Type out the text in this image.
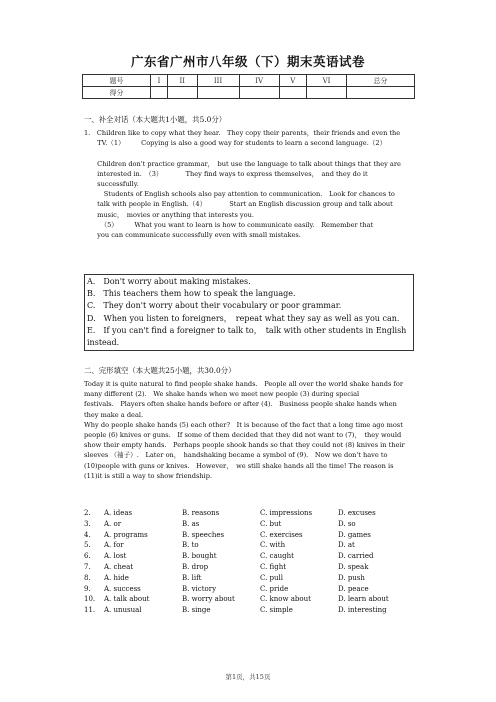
广东省广州市八年级（下）期末英语试卷
题号	I	II	III	IV	V	VI	总分
得分							
一、补全对话（本大题共1小题，共5.0分）

1.　Children like to copy what they hear.　They copy their parents，their friends and even the

　　TV.（1）　　　Copying is also a good way for students to learn a second language.（2）

　　Children don't practice grammar，　but use the language to talk about things that they are

　　interested in.　（3）　　　　They find ways to express themselves，　and they do it

　　successfully.

　　　Students of English schools also pay attention to communication.　Look for chances to

　　talk with people in English.（4）　　　　Start an English discussion group and talk about

　　music，　movies or anything that interests you.

　　　（5）　　　What you want to learn is how to communicate easily.　Remember that

　　you can communicate successfully even with small mistakes.

A.　Don't worry about making mistakes.
B.　This teachers them how to speak the language.
C.　They don't worry about their vocabulary or poor grammar.
D.　When you listen to foreigners，　repeat what they say as well as you can.
E.　If you can't find a foreigner to talk to，　talk with other students in English
instead.
二、完形填空（本大题共25小题，共30.0分）

Today it is quite natural to find people shake hands.　People all over the world shake hands for

many different (2).　We shake hands when we meet new people (3) during special

festivals.　Players often shake hands before or after (4).　Business people shake hands when

they make a deal.

Why do people shake hands (5) each other?　It is because of the fact that a long time ago most

people (6) knives or guns.　If some of them decided that they did not want to (7)，　they would

show their empty hands.　Perhaps people shook hands so that they could not (8) knives in their

sleeves （袖子）.　Later on，　handshaking became a symbol of (9).　Now we don't have to

(10)people with guns or knives.　However，　we still shake hands all the time! The reason is

(11)it is still a way to show friendship.

2.	A. ideas	B. reasons	C. impressions	D. excuses
3.	A. or	B. as	C. but	D. so
4.	A. programs	B. speeches	C. exercises	D. games
5.	A. for	B. to	C. with	D. at
6.	A. lost	B. bought	C. caught	D. carried
7.	A. cheat	B. drop	C. fight	D. speak
8.	A. hide	B. lift	C. pull	D. push
9.	A. success	B. victory	C. pride	D. peace
10.	A. talk about	B. worry about	C. know about	D. learn about
11.	A. unusual	B. singe	C. simple	D. interesting
第1页，共15页
